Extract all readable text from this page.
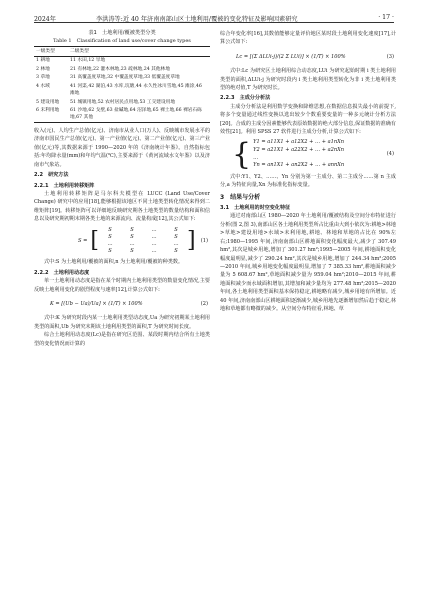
2024年	李洪涛等:近 40 年济南南部山区土地利用/覆被的变化特征及影响因素研究	· 17 ·
表1　土地利用/覆被类型分类
Table 1　Classification of land use/cover change types
一级类型	二级类型
1 耕地	11 水田,12 旱地
2 林地	21 有林地,22 灌木林地,23 疏林地,24 其他林地
3 草地	31 高覆盖度草地,32 中覆盖度草地,33 低覆盖度草地
4 水域	41 河渠,42 湖泊,43 水库,坑塘,44 永久性冰川雪地,45 滩涂,46 滩地
5 建设用地	51 城镇用地,52 农村居民点用地,53 工交建设用地
6 未利用地	61 沙地,62 戈壁,63 盐碱地,64 沼泽地,65 裸土地,66 裸岩石砾地,67 其他

收入(元)、人均生产总值(亿元)、济南市从业人口(万人)、反映城市发展水平的济南市国民生产总值(亿元)、第一产业值(亿元)、第二产业值(亿元)、第三产业值(亿元)等,其数据来源于 1990—2020 年的《济南统计年鉴》。自然指标包括:年均降水量(mm)和年均气温(℃),主要来源于《黄河流域水文年鉴》以及济南市气象站。

2.2　研究方法
2.2.1　土地利用转移矩阵

土地利用转移矩阵是马尔科夫模型在 LUCC (Land Use/Cover Change) 研究中的应用[18],能够根据该地区不同土地类型转化情况来得到二维矩阵[19]。转移矩阵可以详细地反映研究期各土地类型的数量结构和面积信息以及研究期初期末期各类土地的来源流向、流量构成[12],其公式如下:

S = [	S	S	…	S
S	S	…	S
…	…	…	…
S	S	…	S ] (1)

式中:S 为土地利用/覆被的面积,n 为土地利用/覆被的种类数。

2.2.2　土地利用动态度

单一土地利用动态度是指在某个时期内土地利用类型的数量变化情况,主要反映土地利用变化的剧烈程度与速率[12],计算公式如下:

K = [(Ub − Ua)/Ua] × (1/T) × 100%	(2)

式中:K 为研究时段内某一土地利用类型动态度,Ua 为研究初期某土地利用类型的面积,Ub 为研究末期该土地利用类型的面积,T 为研究时间长度。

综合土地利用动态度(Lc)是指在研究区范围、某段时期内结合所有土地类型的变化情况而计算的

综合年变化率[16],其数值能够定量评价地区某时段土地利用变化速度[17],计算公式如下:

Lc = [(Σ ΔLUi-j)/(2 Σ LUi)] × (1/T) × 100%	(3)

式中:Lc 为研究区土地利用综合动态度,LUi 为研究起始时期 i 类土地利用类型的面积,ΔLUi-j 为研究时段内 i 类土地利用类型转化为非 i 类土地利用类型的绝对值,T 为研究时长。

2.2.3　主成分分析法

主成分分析法是利用数学变换和降维思想,在数据信息损失最小的前提下,将多个变量通过线性变换以选出较少个数重要变量的一种多元统计分析方法[20]。合成的主成分因素能够代表原始数据的绝大部分信息,保证数据的准确有效性[21]。利用 SPSS 27 软件进行主成分分析,计算公式如下:

{ Y1 = a11X1 + a12X2 + … + a1nXn
Y2 = a21X1 + a22X2 + … + a2nXn
…
Yn = an1X1 + an2X2 + … + annXn
(4)

式中:Y1、Y2、……、Yn 分别为第一主成分、第二主成分……第 n 主成分,a 为特征向量,Xn 为标准化指标变量。

3　结果与分析
3.1　土地利用的时空变化特征

通过对南部山区 1980—2020 年土地利用/覆被结构及空间分布特征进行分析(图 2,图 3),南部山区各土地利用类型所占比重由大到小依次为:耕地>林地>草地>建设用地>水域>未利用地,耕地、林地和草地的占比在 90%左右;1980—1995 年间,济南南部山区耕地面积变化幅度最大,减少了 307.49 hm²,其次是城乡用地,增加了 301.27 hm²;1995—2005 年间,耕地面积变化幅度最明显,减少了 290.24 hm²,其次是城乡用地,增加了 244.34 hm²;2005—2010 年间,城乡用地变化幅度最明显,增加了 7 385.33 hm²,耕地面积减少量为 5 608.67 hm²,草地面积减少量为 959.04 hm²;2010—2015 年间,耕地面积减少而水域面积增加,其增加和减少量均为 277.48 hm²;2015—2020 年间,各土地利用类型面积基本保持稳定,耕地略有减少,城乡用地有所增加。近 40 年间,济南南部山区耕地面积逐渐减少,城乡用地先逐渐增加然后趋于稳定,林地和草地都有略微的减少。从空间分布特征看,林地、草
